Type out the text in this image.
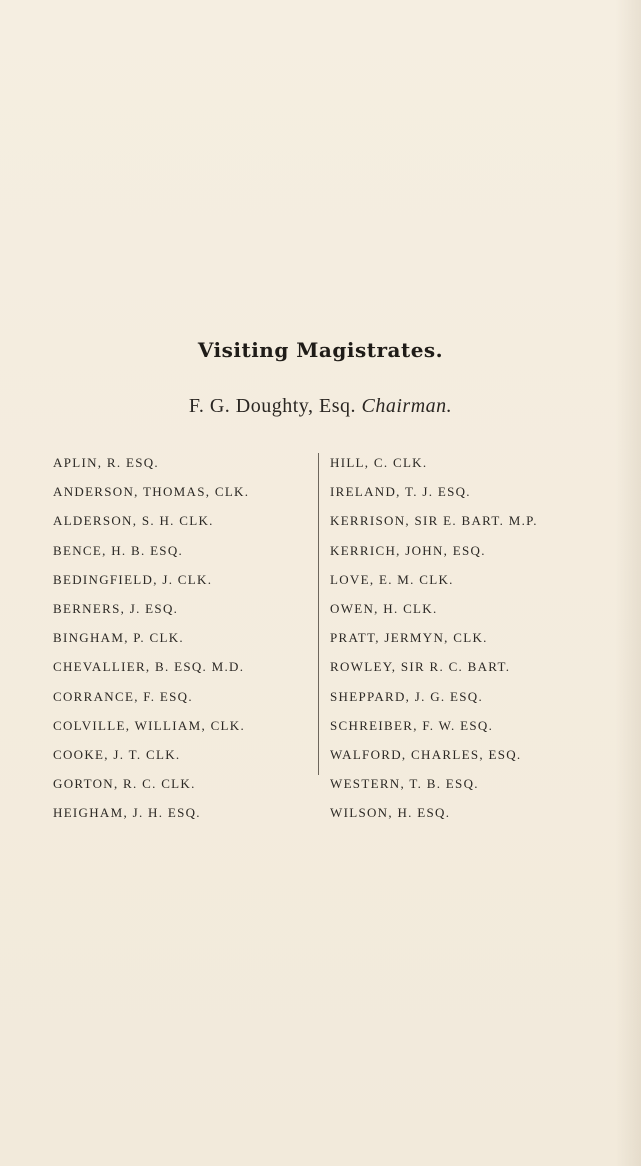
Visiting Magistrates.
F. G. Doughty, Esq. Chairman.
APLIN, R. ESQ.
ANDERSON, THOMAS, CLK.
ALDERSON, S. H. CLK.
BENCE, H. B. ESQ.
BEDINGFIELD, J. CLK.
BERNERS, J. ESQ.
BINGHAM, P. CLK.
CHEVALLIER, B. ESQ. M.D.
CORRANCE, F. ESQ.
COLVILLE, WILLIAM, CLK.
COOKE, J. T. CLK.
GORTON, R. C. CLK.
HEIGHAM, J. H. ESQ.
HILL, C. CLK.
IRELAND, T. J. ESQ.
KERRISON, SIR E. BART. M.P.
KERRICH, JOHN, ESQ.
LOVE, E. M. CLK.
OWEN, H. CLK.
PRATT, JERMYN, CLK.
ROWLEY, SIR R. C. BART.
SHEPPARD, J. G. ESQ.
SCHREIBER, F. W. ESQ.
WALFORD, CHARLES, ESQ.
WESTERN, T. B. ESQ.
WILSON, H. ESQ.
